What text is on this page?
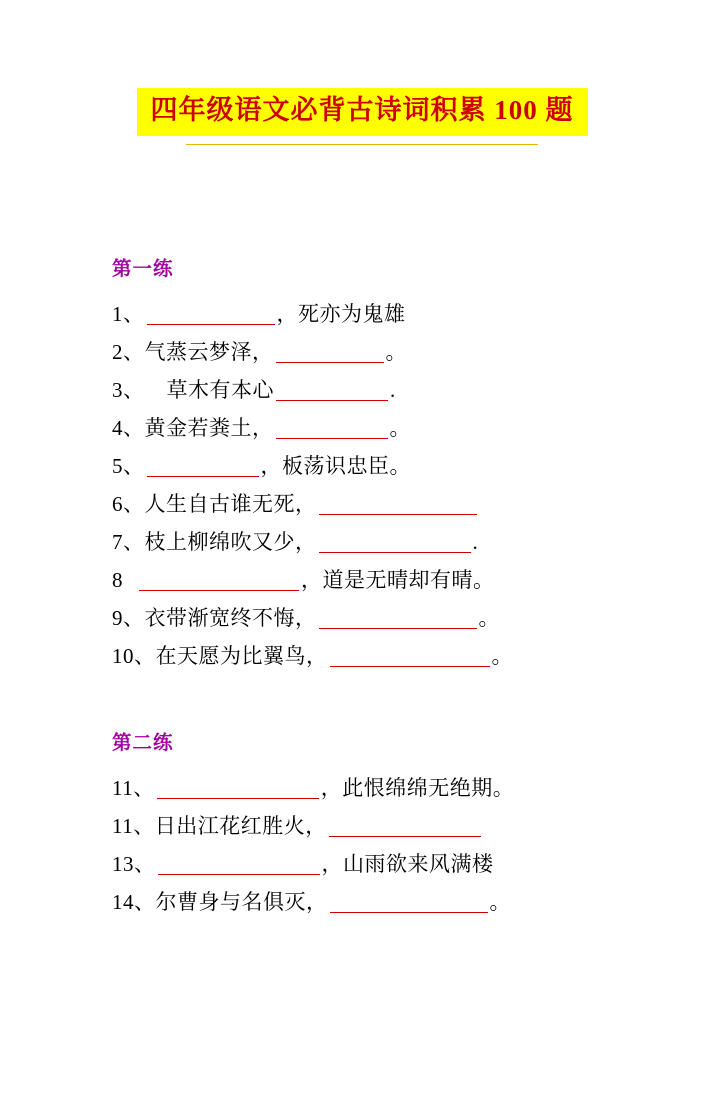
四年级语文必背古诗词积累 100 题
第一练
1、	，死亦为鬼雄
2、气蒸云梦泽，	。
3、 草木有本心	.
4、黄金若粪土，	。
5、	，板荡识忠臣。
6、人生自古谁无死，
7、枝上柳绵吹又少，	.
8	，道是无晴却有晴。
9、衣带渐宽终不悔，	。
10、在天愿为比翼鸟，	。
第二练
11、	，此恨绵绵无绝期。
11、日出江花红胜火，
13、	，山雨欲来风满楼
14、尔曹身与名俱灭，	。
